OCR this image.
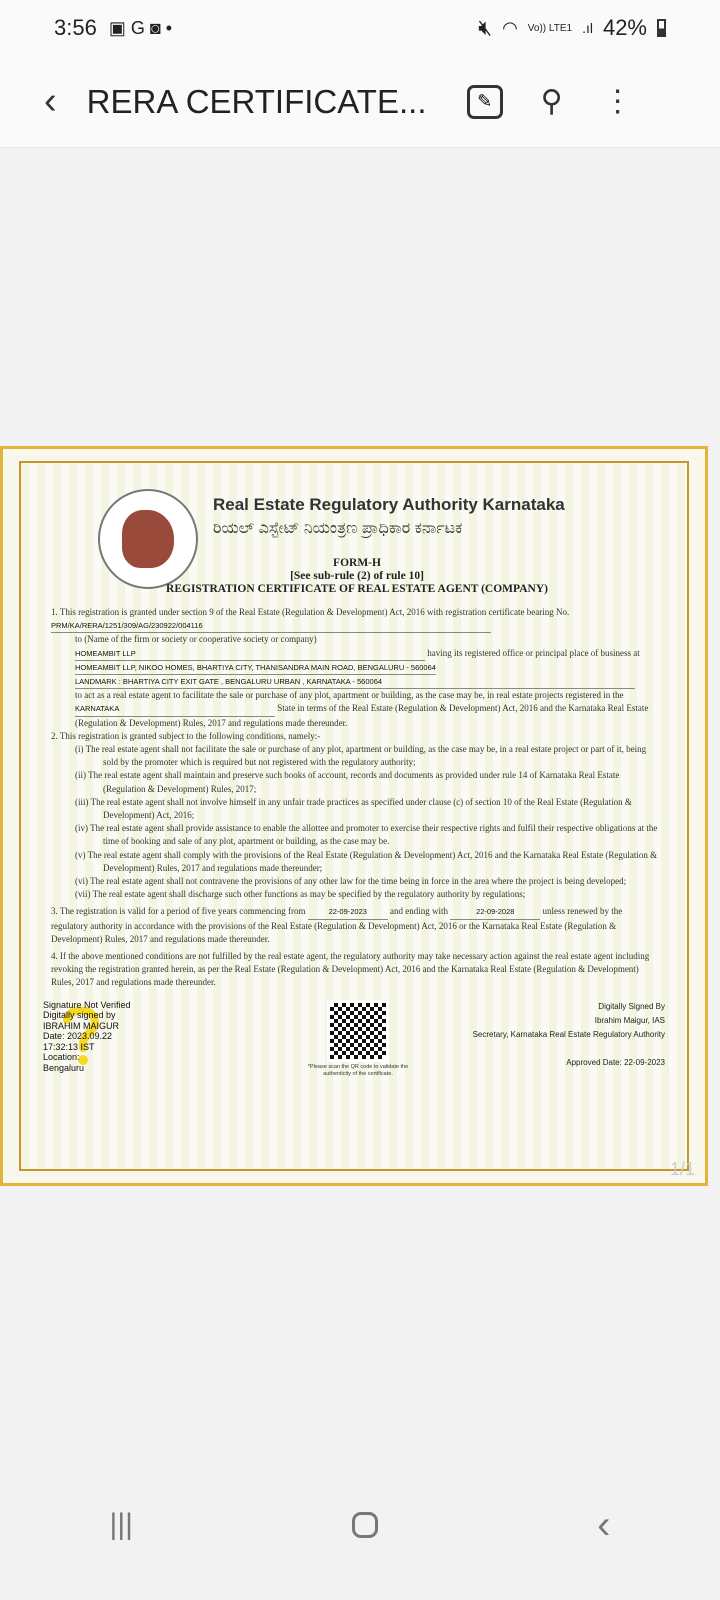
3:56 ▣ G ◙ •	🔇︎ ◠ Vo)) LTE1 .ıl 42%
‹ RERA CERTIFICATE...	✎	⚲ ⋮
Real Estate Regulatory Authority Karnataka
ರಿಯಲ್ ಎಸ್ಟೇಟ್ ನಿಯಂತ್ರಣ ಪ್ರಾಧಿಕಾರ ಕರ್ನಾಟಕ
FORM-H
[See sub-rule (2) of rule 10]
REGISTRATION CERTIFICATE OF REAL ESTATE AGENT (COMPANY)

1. This registration is granted under section 9 of the Real Estate (Regulation & Development) Act, 2016 with registration certificate bearing No. PRM/KA/RERA/1251/309/AG/230922/004116

to (Name of the firm or society or cooperative society or company)

HOMEAMBIT LLP	having its registered office or principal place of business at HOMEAMBIT LLP, NIKOO HOMES, BHARTIYA CITY, THANISANDRA MAIN ROAD, BENGALURU - 560064

LANDMARK : BHARTIYA CITY EXIT GATE , BENGALURU URBAN , KARNATAKA - 560064

to act as a real estate agent to facilitate the sale or purchase of any plot, apartment or building, as the case may be, in real estate projects registered in the KARNATAKA	State in terms of the Real Estate (Regulation & Development) Act, 2016 and the Karnataka Real Estate (Regulation & Development) Rules, 2017 and regulations made thereunder.

2. This registration is granted subject to the following conditions, namely:-

(i) The real estate agent shall not facilitate the sale or purchase of any plot, apartment or building, as the case may be, in a real estate project or part of it, being sold by the promoter which is required but not registered with the regulatory authority;

(ii) The real estate agent shall maintain and preserve such books of account, records and documents as provided under rule 14 of Karnataka Real Estate (Regulation & Development) Rules, 2017;

(iii) The real estate agent shall not involve himself in any unfair trade practices as specified under clause (c) of section 10 of the Real Estate (Regulation & Development) Act, 2016;

(iv) The real estate agent shall provide assistance to enable the allottee and promoter to exercise their respective rights and fulfil their respective obligations at the time of booking and sale of any plot, apartment or building, as the case may be.

(v) The real estate agent shall comply with the provisions of the Real Estate (Regulation & Development) Act, 2016 and the Karnataka Real Estate (Regulation & Development) Rules, 2017 and regulations made thereunder;

(vi) The real estate agent shall not contravene the provisions of any other law for the time being in force in the area where the project is being developed;

(vii) The real estate agent shall discharge such other functions as may be specified by the regulatory authority by regulations;

3. The registration is valid for a period of five years commencing from	22-09-2023	and ending with	22-09-2028	unless renewed by the regulatory authority in accordance with the provisions of the Real Estate (Regulation & Development) Act, 2016 or the Karnataka Real Estate (Regulation & Development) Rules, 2017 and regulations made thereunder.

4. If the above mentioned conditions are not fulfilled by the real estate agent, the regulatory authority may take necessary action against the real estate agent including revoking the registration granted herein, as per the Real Estate (Regulation & Development) Act, 2016 and the Karnataka Real Estate (Regulation & Development) Rules, 2017 and regulations made thereunder.

Signature Not Verified
Digitally signed by
IBRAHIM MAIGUR
Date: 2023.09.22
17:32:13 IST
Location:
Bengaluru	*Please scan the QR code to validate the authenticity of the certificate.
Digitally Signed By
Ibrahim Maigur, IAS
Secretary, Karnataka Real Estate Regulatory Authority
Approved Date: 22-09-2023
1/1
|||	‹
